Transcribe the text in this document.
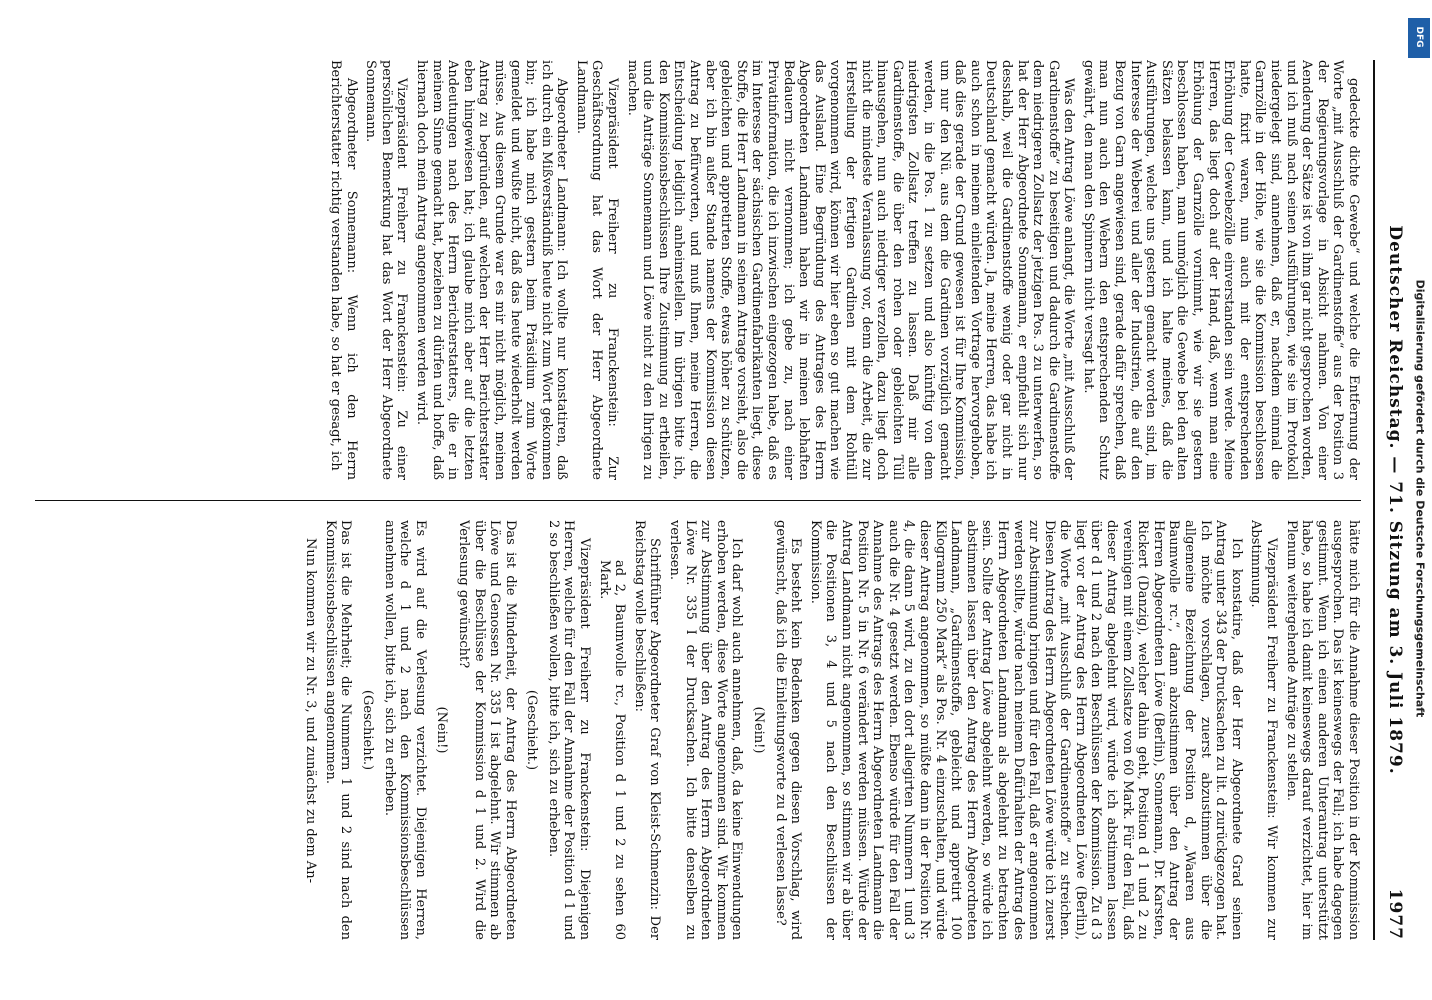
Deutscher Reichstag. — 71. Sitzung am 3. Juli 1879.
1977

gedeckte dichte Gewebe“ und welche die Entfernung der Worte „mit Ausschluß der Gardinenstoffe“ aus der Position 3 der Regierungsvorlage in Absicht nahmen. Von einer Aenderung der Sätze ist von ihm gar nicht gesprochen worden, und ich muß nach seinen Ausführungen, wie sie im Protokoll niedergelegt sind, annehmen, daß er, nachdem einmal die Garnzölle in der Höhe, wie sie die Kommission beschlossen hatte, fixirt waren, nun auch mit der entsprechenden Erhöhung der Gewebezölle einverstanden sein werde. Meine Herren, das liegt doch auf der Hand, daß, wenn man eine Erhöhung der Garnzölle vornimmt, wie wir sie gestern beschlossen haben, man unmöglich die Gewebe bei den alten Sätzen belassen kann, und ich halte meines, daß die Ausführungen, welche uns gestern gemacht worden sind, im Interesse der Weberei und aller der Industrien, die auf den Bezug von Garn angewiesen sind, gerade dafür sprechen, daß man nun auch den Webern den entsprechenden Schutz gewährt, den man den Spinnern nicht versagt hat.

Was den Antrag Löwe anlangt, die Worte „mit Ausschluß der Gardinenstoffe“ zu beseitigen und dadurch die Gardinenstoffe dem niedrigeren Zollsatz der jetzigen Pos. 3 zu unterwerfen, so hat der Herr Abgeordnete Sonnemann, er empfiehlt sich nur desshalb, weil die Gardinenstoffe wenig oder gar nicht in Deutschland gemacht würden. Ja, meine Herren, das habe ich auch schon in meinem einleitenden Vortrage hervorgehoben, daß dies gerade der Grund gewesen ist für Ihre Kommission, um nur den Nü. aus dem die Gardinen vorzüglich gemacht werden, in die Pos. 1 zu setzen und also künftig von dem niedrigsten Zollsatz treffen zu lassen. Daß mir alle Gardinenstoffe, die über den rohen oder gebleichten Tüll hinausgehen, nun auch niedriger verzollen, dazu liegt doch nicht die mindeste Veranlassung vor, denn die Arbeit, die zur Herstellung der fertigen Gardinen mit dem Rohtüll vorgenommen wird, können wir hier eben so gut machen wie das Ausland. Eine Begründung des Antrages des Herrn Abgeordneten Landmann haben wir in meinen lebhaften Bedauern nicht vernommen; ich gebe zu, nach einer Privatinformation, die ich inzwischen eingezogen habe, daß es im Interesse der sächsischen Gardinenfabrikanten liegt, diese Stoffe, die Herr Landmann in seinem Antrage vorsieht, also die gebleichten und appretirten Stoffe, etwas höher zu schützen, aber ich bin außer Stande namens der Kommission diesen Antrag zu befürworten, und muß Ihnen, meine Herren, die Entscheidung lediglich anheimstellen. Im übrigen bitte ich, den Kommissionsbeschlüssen Ihre Zustimmung zu ertheilen, und die Anträge Sonnemann und Löwe nicht zu den Ihrigen zu machen.

Vizepräsident Freiherr zu Franckenstein: Zur Geschäftsordnung hat das Wort der Herr Abgeordnete Landmann.

Abgeordneter Landmann: Ich wollte nur konstatiren, daß ich durch ein Mißverständniß heute nicht zum Wort gekommen bin; ich habe mich gestern beim Präsidium zum Worte gemeldet und wußte nicht, daß das heute wiederholt werden müsse. Aus diesem Grunde war es mir nicht möglich, meinen Antrag zu begründen, auf welchen der Herr Berichterstatter eben hingewiesen hat; ich glaube mich aber auf die letzten Andeutungen nach des Herrn Berichterstatters, die er in meinem Sinne gemacht hat, beziehen zu dürfen und hoffe, daß hiernach doch mein Antrag angenommen werden wird.

Vizepräsident Freiherr zu Franckenstein: Zu einer persönlichen Bemerkung hat das Wort der Herr Abgeordnete Sonnemann.

Abgeordneter Sonnemann: Wenn ich den Herrn Berichterstatter richtig verstanden habe, so hat er gesagt, ich

hätte mich für die Annahme dieser Position in der Kommission ausgesprochen. Das ist keineswegs der Fall; ich habe dagegen gestimmt. Wenn ich einen anderen Unterantrag unterstützt habe, so habe ich damit keineswegs darauf verzichtet, hier im Plenum weitergehende Anträge zu stellen.

Vizepräsident Freiherr zu Franckenstein: Wir kommen zur Abstimmung.

Ich konstatire, daß der Herr Abgeordnete Grad seinen Antrag unter 343 der Drucksachen zu lit. d zurückgezogen hat. Ich möchte vorschlagen, zuerst abzustimmen über die allgemeine Bezeichnung der Position d, „Waaren aus Baumwolle rc.“, dann abzustimmen über den Antrag der Herren Abgeordneten Löwe (Berlin), Sonnemann, Dr. Karsten, Rickert (Danzig), welcher dahin geht, Position d 1 und 2 zu vereinigen mit einem Zollsatze von 60 Mark. Für den Fall, daß dieser Antrag abgelehnt wird, würde ich abstimmen lassen über d 1 und 2 nach den Beschlüssen der Kommission. Zu d 3 liegt vor der Antrag des Herrn Abgeordneten Löwe (Berlin), die Worte „mit Ausschluß der Gardinenstoffe“ zu streichen. Diesen Antrag des Herrn Abgeordneten Löwe würde ich zuerst zur Abstimmung bringen und für den Fall, daß er angenommen werden sollte, würde nach meinem Dafürhalten der Antrag des Herrn Abgeordneten Landmann als abgelehnt zu betrachten sein. Sollte der Antrag Löwe abgelehnt werden, so würde ich abstimmen lassen über den Antrag des Herrn Abgeordneten Landmann, „Gardinenstoffe, gebleicht und appretirt 100 Kilogramm 250 Mark“ als Pos. Nr. 4 einzuschalten, und würde dieser Antrag angenommen, so müßte dann in der Position Nr. 4, die dann 5 wird, zu den dort allegirten Nummern 1 und 3 auch die Nr. 4 gesetzt werden. Ebenso würde für den Fall der Annahme des Antrags des Herrn Abgeordneten Landmann die Position Nr. 5 in Nr. 6 verändert werden müssen. Würde der Antrag Landmann nicht angenommen, so stimmen wir ab über die Positionen 3, 4 und 5 nach den Beschlüssen der Kommission.

Es besteht kein Bedenken gegen diesen Vorschlag, wird gewünscht, daß ich die Einleitungsworte zu d verlesen lasse?

(Nein!)

Ich darf wohl auch annehmen, daß, da keine Einwendungen erhoben werden, diese Worte angenommen sind. Wir kommen zur Abstimmung über den Antrag des Herrn Abgeordneten Löwe Nr. 335 I der Drucksachen. Ich bitte denselben zu verlesen.

Schriftführer Abgeordneter Graf von Kleist-Schmenzin: Der Reichstag wolle beschließen:

ad 2, Baumwolle rc., Position d 1 und 2 zu sehen 60 Mark.

Vizepräsident Freiherr zu Franckenstein: Diejenigen Herren, welche für den Fall der Annahme der Position d 1 und 2 so beschließen wollen, bitte ich, sich zu erheben.

(Geschieht.)

Das ist die Minderheit, der Antrag des Herrn Abgeordneten Löwe und Genossen Nr. 335 I ist abgelehnt. Wir stimmen ab über die Beschlüsse der Kommission d 1 und 2. Wird die Verlesung gewünscht?

(Nein!)

Es wird auf die Verlesung verzichtet. Diejenigen Herren, welche d 1 und 2 nach den Kommissionsbeschlüssen annehmen wollen, bitte ich, sich zu erheben.

(Geschieht.)

Das ist die Mehrheit; die Nummern 1 und 2 sind nach den Kommissionsbeschlüssen angenommen.

Nun kommen wir zu Nr. 3, und zunächst zu dem An-

DFG
Digitalisierung gefördert durch die Deutsche Forschungsgemeinschaft
